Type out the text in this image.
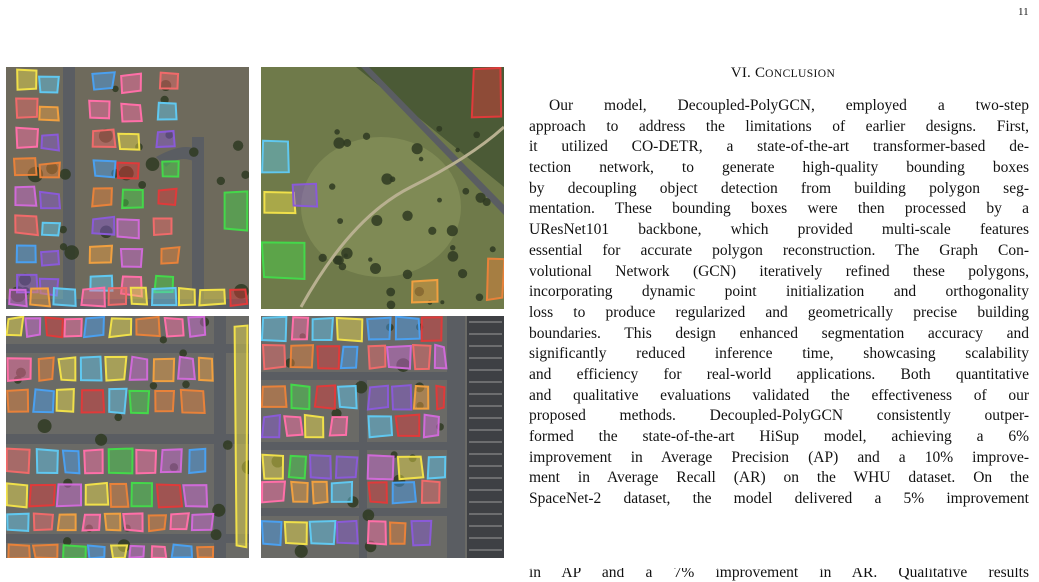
11
VI. CONCLUSION
Our model, Decoupled-PolyGCN, employed a two-step
approach to address the limitations of earlier designs. First,
it utilized CO-DETR, a state-of-the-art transformer-based de-
tection network, to generate high-quality bounding boxes
by decoupling object detection from building polygon seg-
mentation. These bounding boxes were then processed by a
UResNet101 backbone, which provided multi-scale features
essential for accurate polygon reconstruction. The Graph Con-
volutional Network (GCN) iteratively refined these polygons,
incorporating dynamic point initialization and orthogonality
loss to produce regularized and geometrically precise building
boundaries. This design enhanced segmentation accuracy and
significantly reduced inference time, showcasing scalability
and efficiency for real-world applications. Both quantitative
and qualitative evaluations validated the effectiveness of our
proposed methods. Decoupled-PolyGCN consistently outper-
formed the state-of-the-art HiSup model, achieving a 6%
improvement in Average Precision (AP) and a 10% improve-
ment in Average Recall (AR) on the WHU dataset. On the
SpaceNet-2 dataset, the model delivered a 5% improvement
in AP and a 7% improvement in AR. Qualitative results
